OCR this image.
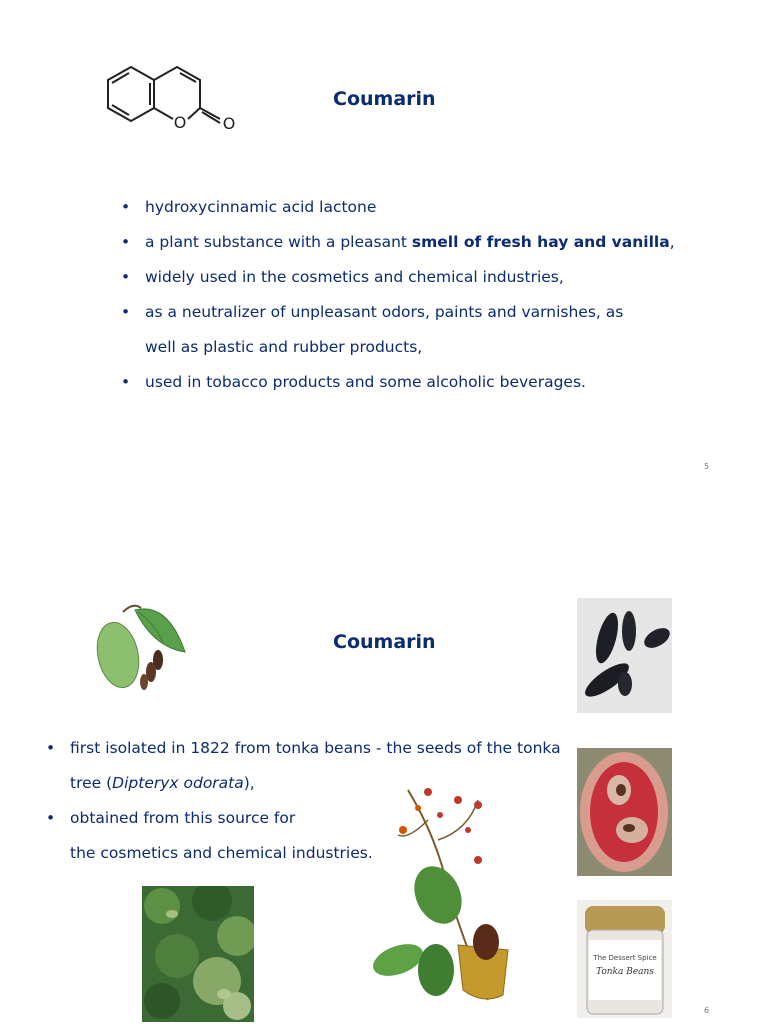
O O
Coumarin
• hydroxycinnamic acid lactone
• a plant substance with a pleasant smell of fresh hay and vanilla,
• widely used in the cosmetics and chemical industries,
• as a neutralizer of unpleasant odors, paints and varnishes, as
well as plastic and rubber products,
• used in tobacco products and some alcoholic beverages.
5
Coumarin
• first isolated in 1822 from tonka beans - the seeds of the tonka
tree (Dipteryx odorata),
• obtained from this source for
the cosmetics and chemical industries.
The Dessert Spice
Tonka Beans
6
